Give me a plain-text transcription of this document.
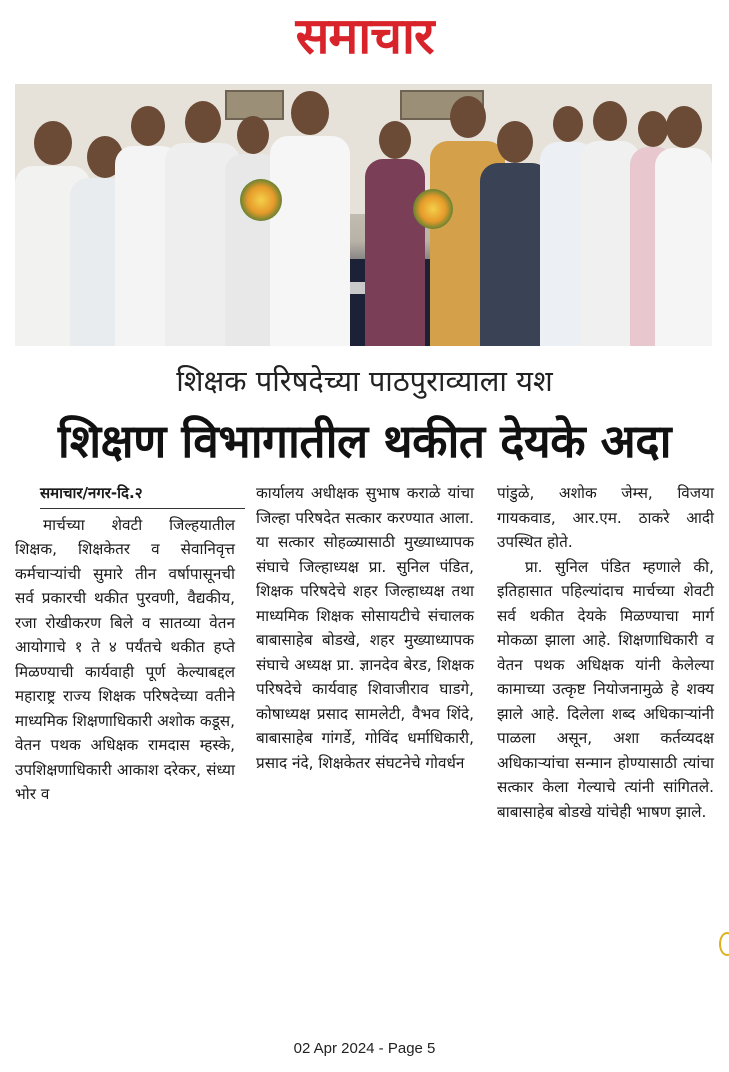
समाचार
शिक्षक परिषदेच्या पाठपुराव्याला यश
शिक्षण विभागातील थकीत देयके अदा
समाचार/नगर-दि.२
मार्चच्या शेवटी जिल्हयातील शिक्षक, शिक्षकेतर व सेवानिवृत्त कर्मचाऱ्यांची सुमारे तीन वर्षापासूनची सर्व प्रकारची थकीत पुरवणी, वैद्यकीय, रजा रोखीकरण बिले व सातव्या वेतन आयोगाचे १ ते ४ पर्यंतचे थकीत हप्ते मिळण्याची कार्यवाही पूर्ण केल्याबद्दल महाराष्ट्र राज्य शिक्षक परिषदेच्या वतीने माध्यमिक शिक्षणाधिकारी अशोक कडूस, वेतन पथक अधिक्षक रामदास म्हस्के, उपशिक्षणाधिकारी आकाश दरेकर, संध्या भोर व
कार्यालय अधीक्षक सुभाष कराळे यांचा जिल्हा परिषदेत सत्कार करण्यात आला. या सत्कार सोहळ्यासाठी मुख्याध्यापक संघाचे जिल्हाध्यक्ष प्रा. सुनिल पंडित, शिक्षक परिषदेचे शहर जिल्हाध्यक्ष तथा माध्यमिक शिक्षक सोसायटीचे संचालक बाबासाहेब बोडखे, शहर मुख्याध्यापक संघाचे अध्यक्ष प्रा. ज्ञानदेव बेरड, शिक्षक परिषदेचे कार्यवाह शिवाजीराव घाडगे, कोषाध्यक्ष प्रसाद सामलेटी, वैभव शिंदे, बाबासाहेब गांगर्डे, गोविंद धर्माधिकारी, प्रसाद नंदे, शिक्षकेतर संघटनेचे गोवर्धन
पांडुळे, अशोक जेम्स, विजया गायकवाड, आर.एम. ठाकरे आदी उपस्थित होते.
प्रा. सुनिल पंडित म्हणाले की, इतिहासात पहिल्यांदाच मार्चच्या शेवटी सर्व थकीत देयके मिळण्याचा मार्ग मोकळा झाला आहे. शिक्षणाधिकारी व वेतन पथक अधिक्षक यांनी केलेल्या कामाच्या उत्कृष्ट नियोजनामुळे हे शक्य झाले आहे. दिलेला शब्द अधिकाऱ्यांनी पाळला असून, अशा कर्तव्यदक्ष अधिकाऱ्यांचा सन्मान होण्यासाठी त्यांचा सत्कार केला गेल्याचे त्यांनी सांगितले. बाबासाहेब बोडखे यांचेही भाषण झाले.
02 Apr 2024 - Page 5
